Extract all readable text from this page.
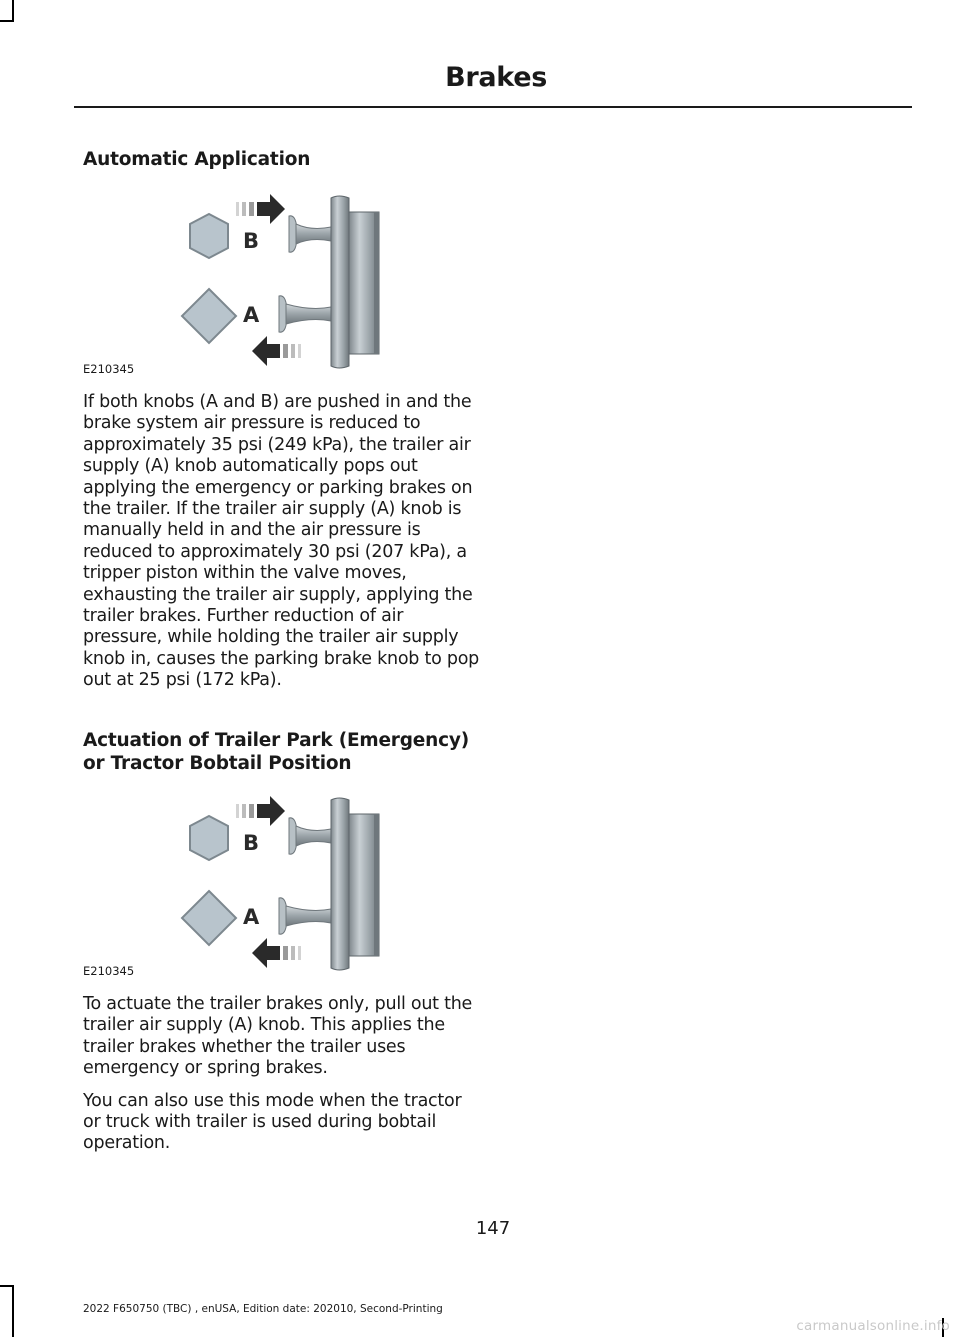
Brakes
Automatic Application
B
A
E210345

If both knobs (A and B) are pushed in and the brake system air pressure is reduced to approximately 35 psi (249 kPa), the trailer air supply (A) knob automatically pops out applying the emergency or parking brakes on the trailer. If the trailer air supply (A) knob is manually held in and the air pressure is reduced to approximately 30 psi (207 kPa), a tripper piston within the valve moves, exhausting the trailer air supply, applying the trailer brakes. Further reduction of air pressure, while holding the trailer air supply knob in, causes the parking brake knob to pop out at 25 psi (172 kPa).

Actuation of Trailer Park (Emergency) or Tractor Bobtail Position
B
A
E210345

To actuate the trailer brakes only, pull out the trailer air supply (A) knob. This applies the trailer brakes whether the trailer uses emergency or spring brakes.

You can also use this mode when the tractor or truck with trailer is used during bobtail operation.

147
2022 F650750 (TBC) , enUSA, Edition date: 202010, Second-Printing
carmanualsonline.info
